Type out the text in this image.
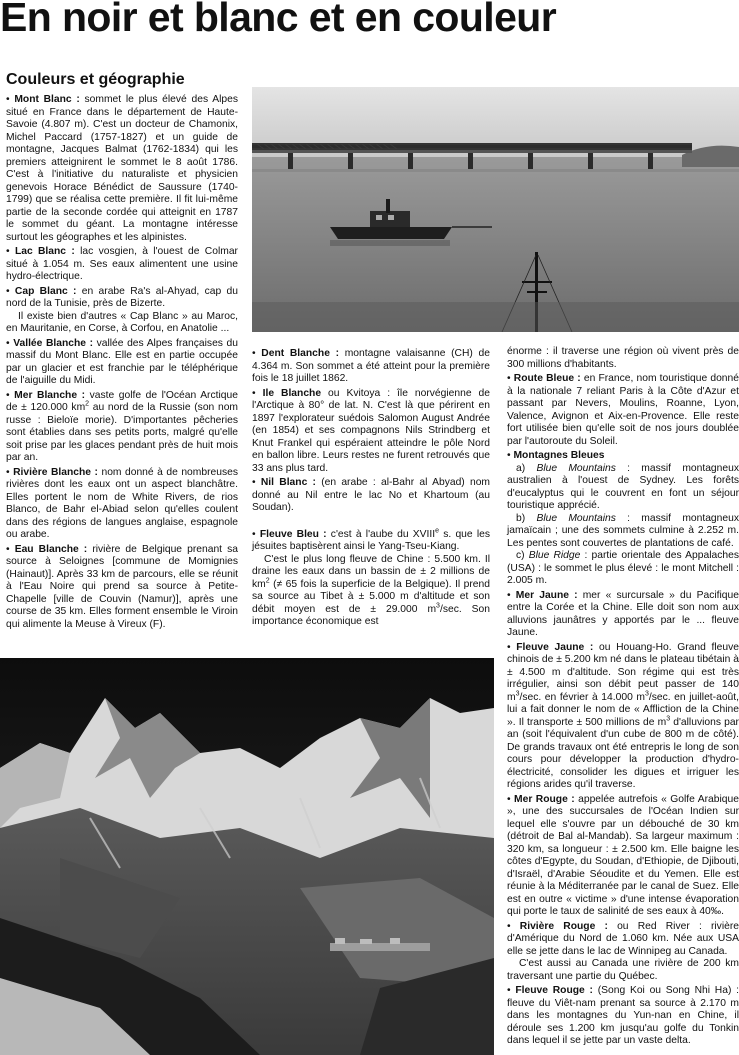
En noir et blanc et en couleur
Couleurs et géographie

• Mont Blanc : sommet le plus élevé des Alpes situé en France dans le département de Haute-Savoie (4.807 m). C'est un docteur de Chamonix, Michel Paccard (1757-1827) et un guide de montagne, Jacques Balmat (1762-1834) qui les premiers atteignirent le sommet le 8 août 1786. C'est à l'initiative du naturaliste et physicien genevois Horace Bénédict de Saussure (1740-1799) que se réalisa cette première. Il fit lui-même partie de la seconde cordée qui atteignit en 1787 le sommet du géant. La montagne intéresse surtout les géographes et les alpinistes.

• Lac Blanc : lac vosgien, à l'ouest de Colmar situé à 1.054 m. Ses eaux alimentent une usine hydro-électrique.

• Cap Blanc : en arabe Ra's al-Ahyad, cap du nord de la Tunisie, près de Bizerte.

Il existe bien d'autres « Cap Blanc » au Maroc, en Mauritanie, en Corse, à Corfou, en Anatolie ...

• Vallée Blanche : vallée des Alpes françaises du massif du Mont Blanc. Elle est en partie occupée par un glacier et est franchie par le téléphérique de l'aiguille du Midi.

• Mer Blanche : vaste golfe de l'Océan Arctique de ± 120.000 $km^2$ au nord de la Russie (son nom russe : Bieloïe morie). D'importantes pêcheries sont établies dans ses petits ports, malgré qu'elle soit prise par les glaces pendant près de huit mois par an.

• Rivière Blanche : nom donné à de nombreuses rivières dont les eaux ont un aspect blanchâtre. Elles portent le nom de White Rivers, de rios Blanco, de Bahr el-Abiad selon qu'elles coulent dans des régions de langues anglaise, espagnole ou arabe.

• Eau Blanche : rivière de Belgique prenant sa source à Seloignes [commune de Momignies (Hainaut)]. Après 33 km de parcours, elle se réunit à l'Eau Noire qui prend sa source à Petite-Chapelle [ville de Couvin (Namur)], après une course de 35 km. Elles forment ensemble le Viroin qui alimente la Meuse à Vireux (F).

• Dent Blanche : montagne valaisanne (CH) de 4.364 m. Son sommet a été atteint pour la première fois le 18 juillet 1862.

• Ile Blanche ou Kvitoya : île norvégienne de l'Arctique à 80° de lat. N. C'est là que périrent en 1897 l'explorateur suédois Salomon August Andrée (en 1854) et ses compagnons Nils Strindberg et Knut Frankel qui espéraient atteindre le pôle Nord en ballon libre. Leurs restes ne furent retrouvés que 33 ans plus tard.

• Nil Blanc : (en arabe : al-Bahr al Abyad) nom donné au Nil entre le lac No et Khartoum (au Soudan).

• Fleuve Bleu : c'est à l'aube du XVIIIe s. que les jésuites baptisèrent ainsi le Yang-Tseu-Kiang.

C'est le plus long fleuve de Chine : 5.500 km. Il draine les eaux dans un bassin de ± 2 millions de $km^2$ (≠ 65 fois la superficie de la Belgique). Il prend sa source au Tibet à ± 5.000 m d'altitude et son débit moyen est de ± 29.000 $m^3/\sec$. Son importance économique est

énorme : il traverse une région où vivent près de 300 millions d'habitants.

• Route Bleue : en France, nom touristique donné à la nationale 7 reliant Paris à la Côte d'Azur et passant par Nevers, Moulins, Roanne, Lyon, Valence, Avignon et Aix-en-Provence. Elle reste fort utilisée bien qu'elle soit de nos jours doublée par l'autoroute du Soleil.

• Montagnes Bleues

a) Blue Mountains : massif montagneux australien à l'ouest de Sydney. Les forêts d'eucalyptus qui le couvrent en font un séjour touristique apprécié.

b) Blue Mountains : massif montagneux jamaïcain ; une des sommets culmine à 2.252 m. Les pentes sont couvertes de plantations de café.

c) Blue Ridge : partie orientale des Appalaches (USA) : le sommet le plus élevé : le mont Mitchell : 2.005 m.

• Mer Jaune : mer « surcursale » du Pacifique entre la Corée et la Chine. Elle doit son nom aux alluvions jaunâtres y apportés par le ... fleuve Jaune.

• Fleuve Jaune : ou Houang-Ho. Grand fleuve chinois de ± 5.200 km né dans le plateau tibétain à ± 4.500 m d'altitude. Son régime qui est très irrégulier, ainsi son débit peut passer de 140 $m^3/\sec$. en février à 14.000 $m^3/\sec$. en juillet-août, lui a fait donner le nom de « Affliction de la Chine ». Il transporte ± 500 millions de $m^3$ d'alluvions par an (soit l'équivalent d'un cube de 800 m de côté). De grands travaux ont été entrepris le long de son cours pour développer la production d'hydro-électricité, consolider les digues et irriguer les régions arides qu'il traverse.

• Mer Rouge : appelée autrefois « Golfe Arabique », une des succursales de l'Océan Indien sur lequel elle s'ouvre par un débouché de 30 km (détroit de Bal al-Mandab). Sa largeur maximum : 320 km, sa longueur : ± 2.500 km. Elle baigne les côtes d'Egypte, du Soudan, d'Ethiopie, de Djibouti, d'Israël, d'Arabie Séoudite et du Yemen. Elle est réunie à la Méditerranée par le canal de Suez. Elle est en outre « victime » d'une intense évaporation qui porte le taux de salinité de ses eaux à 40‰.

• Rivière Rouge : ou Red River : rivière d'Amérique du Nord de 1.060 km. Née aux USA elle se jette dans le lac de Winnipeg au Canada.

C'est aussi au Canada une rivière de 200 km traversant une partie du Québec.

• Fleuve Rouge : (Song Koi ou Song Nhi Ha) : fleuve du Viêt-nam prenant sa source à 2.170 m dans les montagnes du Yun-nan en Chine, il déroule ses 1.200 km jusqu'au golfe du Tonkin dans lequel il se jette par un vaste delta.
